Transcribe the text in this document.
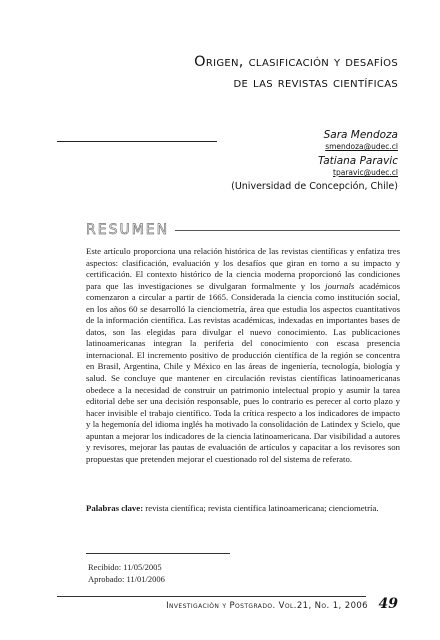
Origen, clasificación y desafíos
de las revistas científicas
Sara Mendoza
smendoza@udec.cl
Tatiana Paravic
tparavic@udec.cl
(Universidad de Concepción, Chile)
RESUMEN
Este artículo proporciona una relación histórica de las revistas científicas y enfatiza tres aspectos: clasificación, evaluación y los desafíos que giran en torno a su impacto y certificación. El contexto histórico de la ciencia moderna proporcionó las condiciones para que las investigaciones se divulgaran formalmente y los journals académicos comenzaron a circular a partir de 1665. Considerada la ciencia como institución social, en los años 60 se desarrolló la cienciometría, área que estudia los aspectos cuantitativos de la información científica. Las revistas académicas, indexadas en importantes bases de datos, son las elegidas para divulgar el nuevo conocimiento. Las publicaciones latinoamericanas integran la periferia del conocimiento con escasa presencia internacional. El incremento positivo de producción científica de la región se concentra en Brasil, Argentina, Chile y México en las áreas de ingeniería, tecnología, biología y salud. Se concluye que mantener en circulación revistas científicas latinoamericanas obedece a la necesidad de construir un patrimonio intelectual propio y asumir la tarea editorial debe ser una decisión responsable, pues lo contrario es perecer al corto plazo y hacer invisible el trabajo científico. Toda la crítica respecto a los indicadores de impacto y la hegemonía del idioma inglés ha motivado la consolidación de Latindex y Scielo, que apuntan a mejorar los indicadores de la ciencia latinoamericana. Dar visibilidad a autores y revisores, mejorar las pautas de evaluación de artículos y capacitar a los revisores son propuestas que pretenden mejorar el cuestionado rol del sistema de referato.
Palabras clave: revista científica; revista científica latinoamericana; cienciometría.
Recibido: 11/05/2005
Aprobado: 11/01/2006
Investigación y Postgrado. Vol.21, No. 1, 2006 49
